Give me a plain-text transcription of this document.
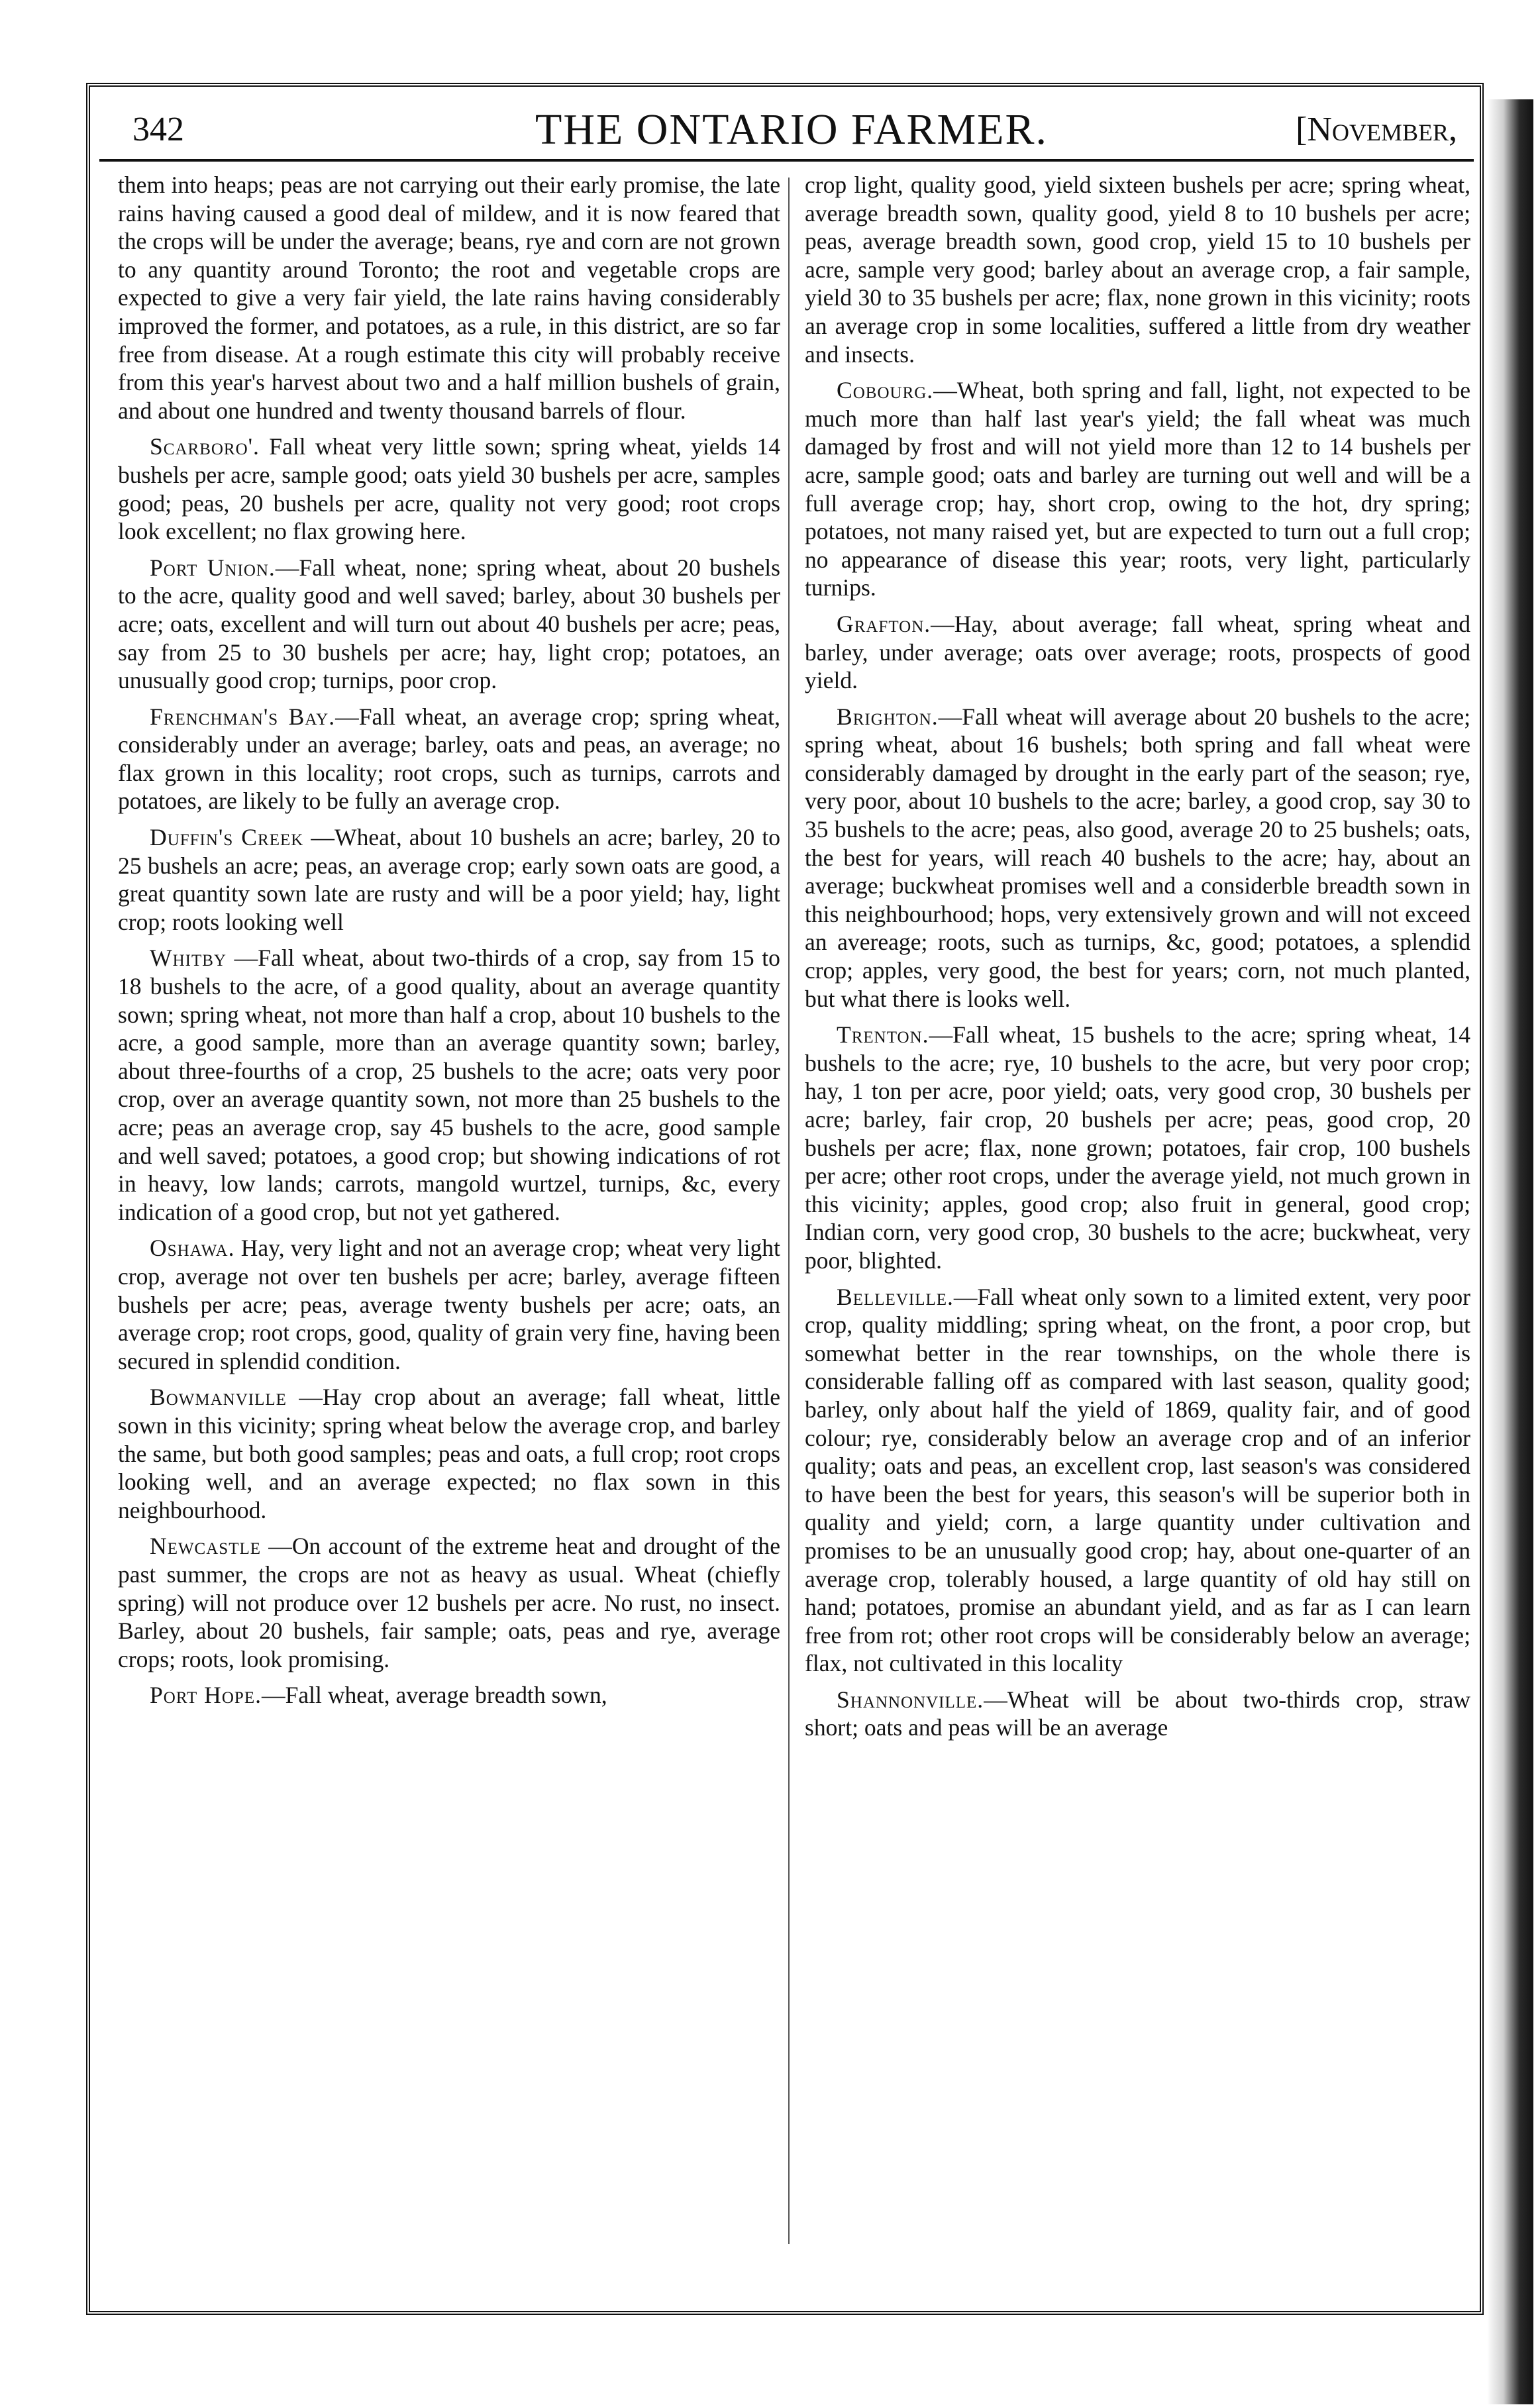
342	THE ONTARIO FARMER.	[November,

them into heaps; peas are not carrying out their early promise, the late rains having caused a good deal of mildew, and it is now feared that the crops will be under the average; beans, rye and corn are not grown to any quantity around Toronto; the root and vegetable crops are expected to give a very fair yield, the late rains having considerably improved the former, and potatoes, as a rule, in this district, are so far free from disease. At a rough estimate this city will probably receive from this year's harvest about two and a half million bushels of grain, and about one hundred and twenty thousand barrels of flour.

Scarboro'. Fall wheat very little sown; spring wheat, yields 14 bushels per acre, sample good; oats yield 30 bushels per acre, samples good; peas, 20 bushels per acre, quality not very good; root crops look excellent; no flax growing here.

Port Union.—Fall wheat, none; spring wheat, about 20 bushels to the acre, quality good and well saved; barley, about 30 bushels per acre; oats, excellent and will turn out about 40 bushels per acre; peas, say from 25 to 30 bushels per acre; hay, light crop; potatoes, an unusually good crop; turnips, poor crop.

Frenchman's Bay.—Fall wheat, an average crop; spring wheat, considerably under an average; barley, oats and peas, an average; no flax grown in this locality; root crops, such as turnips, carrots and potatoes, are likely to be fully an average crop.

Duffin's Creek —Wheat, about 10 bushels an acre; barley, 20 to 25 bushels an acre; peas, an average crop; early sown oats are good, a great quantity sown late are rusty and will be a poor yield; hay, light crop; roots looking well

Whitby —Fall wheat, about two-thirds of a crop, say from 15 to 18 bushels to the acre, of a good quality, about an average quantity sown; spring wheat, not more than half a crop, about 10 bushels to the acre, a good sample, more than an average quantity sown; barley, about three-fourths of a crop, 25 bushels to the acre; oats very poor crop, over an average quantity sown, not more than 25 bushels to the acre; peas an average crop, say 45 bushels to the acre, good sample and well saved; potatoes, a good crop; but showing indications of rot in heavy, low lands; carrots, mangold wurtzel, turnips, &c, every indication of a good crop, but not yet gathered.

Oshawa. Hay, very light and not an average crop; wheat very light crop, average not over ten bushels per acre; barley, average fifteen bushels per acre; peas, average twenty bushels per acre; oats, an average crop; root crops, good, quality of grain very fine, having been secured in splendid condition.

Bowmanville —Hay crop about an average; fall wheat, little sown in this vicinity; spring wheat below the average crop, and barley the same, but both good samples; peas and oats, a full crop; root crops looking well, and an average expected; no flax sown in this neighbourhood.

Newcastle —On account of the extreme heat and drought of the past summer, the crops are not as heavy as usual. Wheat (chiefly spring) will not produce over 12 bushels per acre. No rust, no insect. Barley, about 20 bushels, fair sample; oats, peas and rye, average crops; roots, look promising.

Port Hope.—Fall wheat, average breadth sown,

crop light, quality good, yield sixteen bushels per acre; spring wheat, average breadth sown, quality good, yield 8 to 10 bushels per acre; peas, average breadth sown, good crop, yield 15 to 10 bushels per acre, sample very good; barley about an average crop, a fair sample, yield 30 to 35 bushels per acre; flax, none grown in this vicinity; roots an average crop in some localities, suffered a little from dry weather and insects.

Cobourg.—Wheat, both spring and fall, light, not expected to be much more than half last year's yield; the fall wheat was much damaged by frost and will not yield more than 12 to 14 bushels per acre, sample good; oats and barley are turning out well and will be a full average crop; hay, short crop, owing to the hot, dry spring; potatoes, not many raised yet, but are expected to turn out a full crop; no appearance of disease this year; roots, very light, particularly turnips.

Grafton.—Hay, about average; fall wheat, spring wheat and barley, under average; oats over average; roots, prospects of good yield.

Brighton.—Fall wheat will average about 20 bushels to the acre; spring wheat, about 16 bushels; both spring and fall wheat were considerably damaged by drought in the early part of the season; rye, very poor, about 10 bushels to the acre; barley, a good crop, say 30 to 35 bushels to the acre; peas, also good, average 20 to 25 bushels; oats, the best for years, will reach 40 bushels to the acre; hay, about an average; buckwheat promises well and a considerble breadth sown in this neighbourhood; hops, very extensively grown and will not exceed an avereage; roots, such as turnips, &c, good; potatoes, a splendid crop; apples, very good, the best for years; corn, not much planted, but what there is looks well.

Trenton.—Fall wheat, 15 bushels to the acre; spring wheat, 14 bushels to the acre; rye, 10 bushels to the acre, but very poor crop; hay, 1 ton per acre, poor yield; oats, very good crop, 30 bushels per acre; barley, fair crop, 20 bushels per acre; peas, good crop, 20 bushels per acre; flax, none grown; potatoes, fair crop, 100 bushels per acre; other root crops, under the average yield, not much grown in this vicinity; apples, good crop; also fruit in general, good crop; Indian corn, very good crop, 30 bushels to the acre; buckwheat, very poor, blighted.

Belleville.—Fall wheat only sown to a limited extent, very poor crop, quality middling; spring wheat, on the front, a poor crop, but somewhat better in the rear townships, on the whole there is considerable falling off as compared with last season, quality good; barley, only about half the yield of 1869, quality fair, and of good colour; rye, considerably below an average crop and of an inferior quality; oats and peas, an excellent crop, last season's was considered to have been the best for years, this season's will be superior both in quality and yield; corn, a large quantity under cultivation and promises to be an unusually good crop; hay, about one-quarter of an average crop, tolerably housed, a large quantity of old hay still on hand; potatoes, promise an abundant yield, and as far as I can learn free from rot; other root crops will be considerably below an average; flax, not cultivated in this locality

Shannonville.—Wheat will be about two-thirds crop, straw short; oats and peas will be an average
